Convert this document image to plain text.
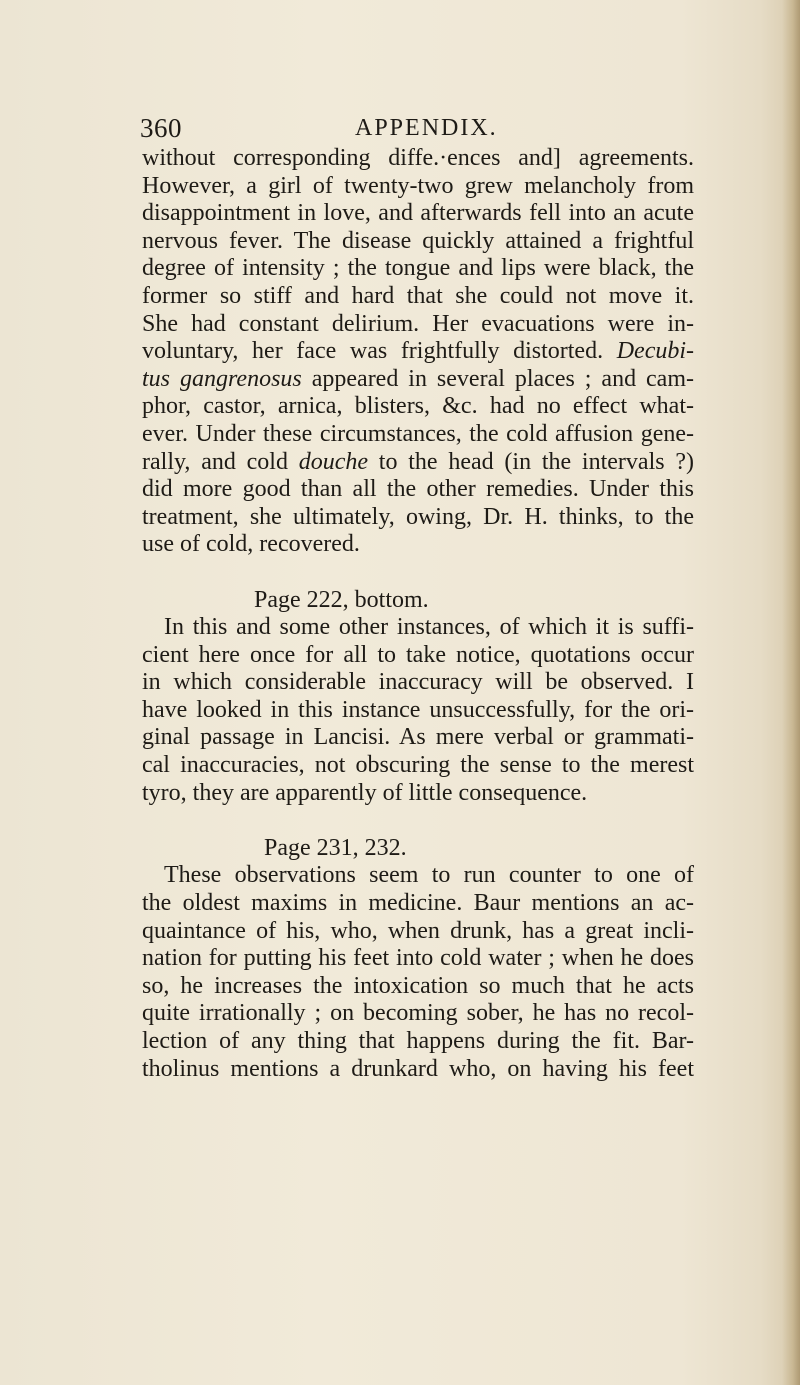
360	APPENDIX.
without corresponding diffe.·ences and] agreements.
However, a girl of twenty-two grew melancholy from
disappointment in love, and afterwards fell into an acute
nervous fever. The disease quickly attained a frightful
degree of intensity ; the tongue and lips were black, the
former so stiff and hard that she could not move it.
She had constant delirium. Her evacuations were in-
voluntary, her face was frightfully distorted. Decubi-
tus gangrenosus appeared in several places ; and cam-
phor, castor, arnica, blisters, &c. had no effect what-
ever. Under these circumstances, the cold affusion gene-
rally, and cold douche to the head (in the intervals ?)
did more good than all the other remedies. Under this
treatment, she ultimately, owing, Dr. H. thinks, to the
use of cold, recovered.
Page 222, bottom.
In this and some other instances, of which it is suffi-
cient here once for all to take notice, quotations occur
in which considerable inaccuracy will be observed. I
have looked in this instance unsuccessfully, for the ori-
ginal passage in Lancisi. As mere verbal or grammati-
cal inaccuracies, not obscuring the sense to the merest
tyro, they are apparently of little consequence.
Page 231, 232.
These observations seem to run counter to one of
the oldest maxims in medicine. Baur mentions an ac-
quaintance of his, who, when drunk, has a great incli-
nation for putting his feet into cold water ; when he does
so, he increases the intoxication so much that he acts
quite irrationally ; on becoming sober, he has no recol-
lection of any thing that happens during the fit. Bar-
tholinus mentions a drunkard who, on having his feet
